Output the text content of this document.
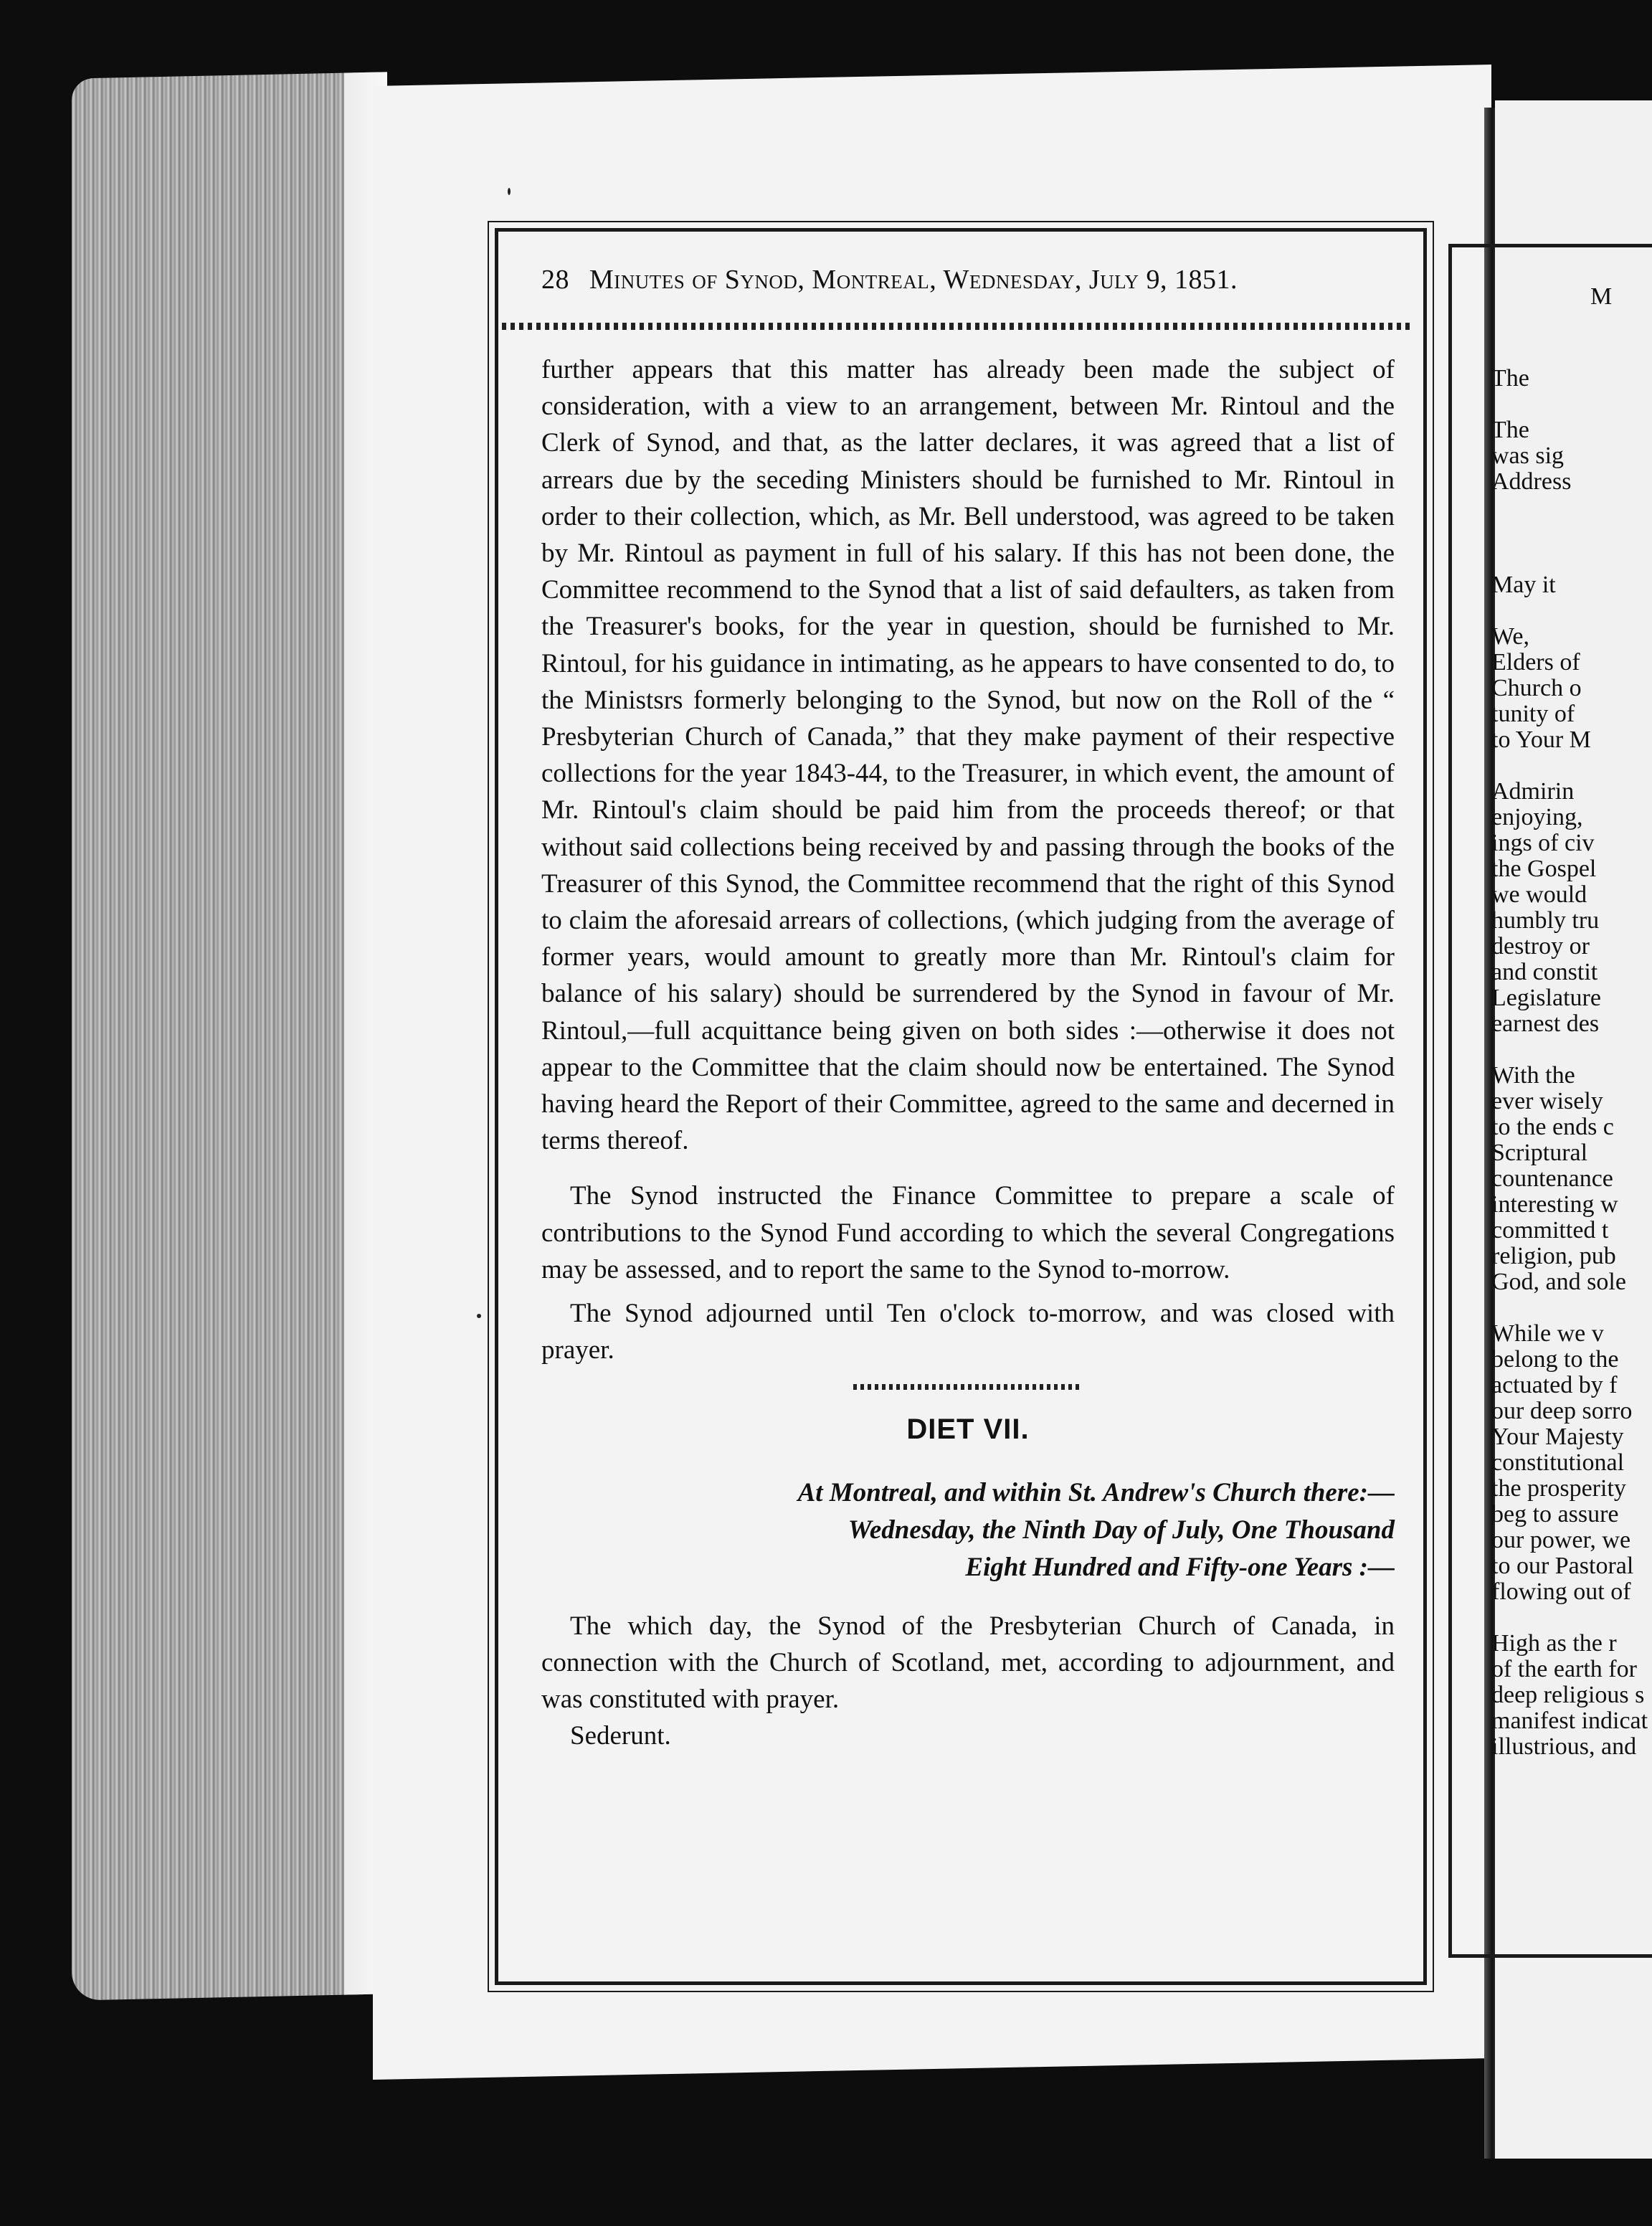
28 Minutes of Synod, Montreal, Wednesday, July 9, 1851.

further appears that this matter has already been made the subject of consideration, with a view to an arrangement, between Mr. Rintoul and the Clerk of Synod, and that, as the latter declares, it was agreed that a list of arrears due by the seceding Ministers should be furnished to Mr. Rintoul in order to their collection, which, as Mr. Bell understood, was agreed to be taken by Mr. Rintoul as payment in full of his salary. If this has not been done, the Committee recommend to the Synod that a list of said defaulters, as taken from the Treasurer's books, for the year in question, should be furnished to Mr. Rintoul, for his guidance in intimating, as he appears to have consented to do, to the Ministsrs formerly belonging to the Synod, but now on the Roll of the “ Presbyterian Church of Canada,” that they make payment of their respective collections for the year 1843-44, to the Treasurer, in which event, the amount of Mr. Rintoul's claim should be paid him from the proceeds thereof; or that without said collections being received by and passing through the books of the Treasurer of this Synod, the Committee recommend that the right of this Synod to claim the aforesaid arrears of collections, (which judging from the average of former years, would amount to greatly more than Mr. Rintoul's claim for balance of his salary) should be surrendered by the Synod in favour of Mr. Rintoul,—full acquittance being given on both sides :—otherwise it does not appear to the Committee that the claim should now be entertained. The Synod having heard the Report of their Committee, agreed to the same and decerned in terms thereof.

The Synod instructed the Finance Committee to prepare a scale of contributions to the Synod Fund according to which the several Congregations may be assessed, and to report the same to the Synod to-morrow.

The Synod adjourned until Ten o'clock to-morrow, and was closed with prayer.

DIET VII.
At Montreal, and within St. Andrew's Church there:—
Wednesday, the Ninth Day of July, One Thousand
Eight Hundred and Fifty-one Years :—

The which day, the Synod of the Presbyterian Church of Canada, in connection with the Church of Scotland, met, according to adjournment, and was constituted with prayer.

Sederunt.

M

The

The

was sig

Address

May it

We,

Elders of

Church o

tunity of

to Your M

Admirin

enjoying,

ings of civ

the Gospel

we would

humbly tru

destroy or

and constit

Legislature

earnest des

With the

ever wisely

to the ends c

Scriptural

countenance

interesting w

committed t

religion, pub

God, and sole

While we v

belong to the

actuated by f

our deep sorro

Your Majesty

constitutional

the prosperity

beg to assure

our power, we

to our Pastoral

flowing out of

High as the r

of the earth for

deep religious s

manifest indicat

illustrious, and
